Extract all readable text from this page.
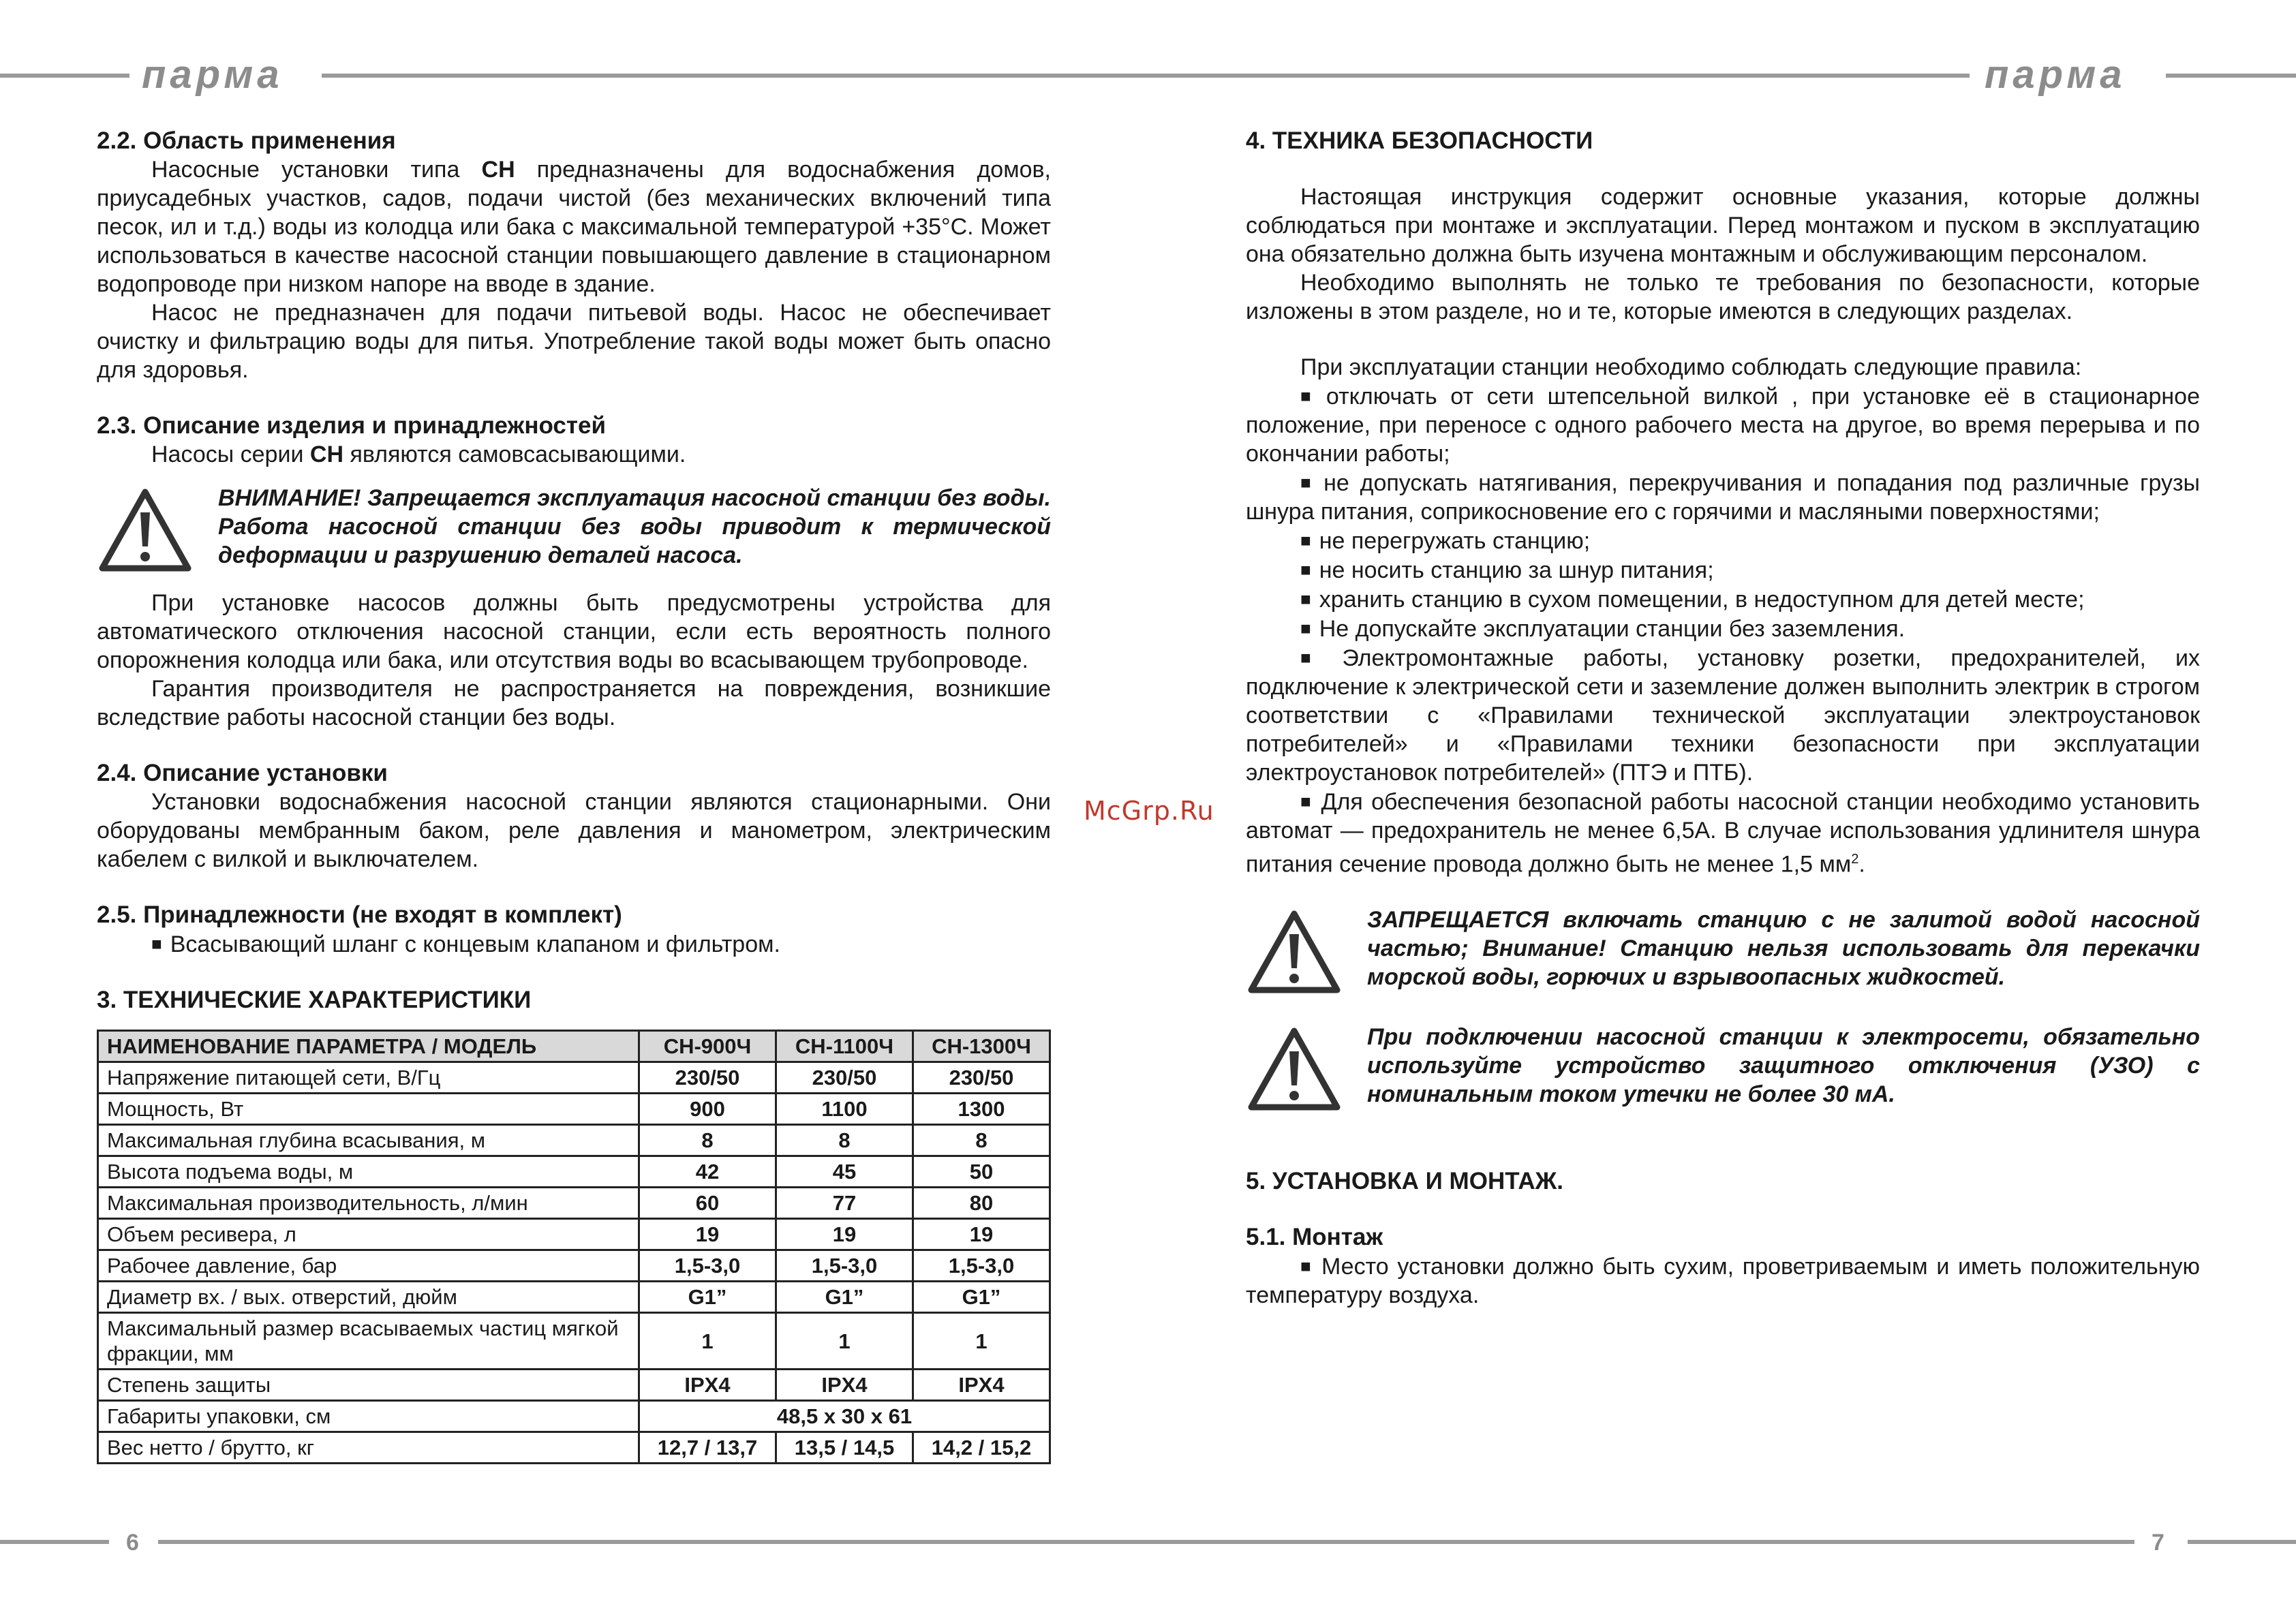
парма	парма
6	7
McGrp.Ru
2.2. Область применения

Насосные установки типа CH предназначены для водоснабжения домов, приусадебных участков, садов, подачи чистой (без механических включений типа песок, ил и т.д.) воды из колодца или бака с максимальной температурой +35°С. Может использоваться в качестве насосной станции повышающего давление в стационарном водопроводе при низком напоре на вводе в здание.

Насос не предназначен для подачи питьевой воды. Насос не обеспечивает очистку и фильтрацию воды для питья. Употребление такой воды может быть опасно для здоровья.

2.3. Описание изделия и принадлежностей

Насосы серии CH являются самовсасывающими.

ВНИМАНИЕ! Запрещается эксплуатация насосной станции без воды. Работа насосной станции без воды приводит к термической деформации и разрушению деталей насоса.

При установке насосов должны быть предусмотрены устройства для автоматического отключения насосной станции, если есть вероятность полного опорожнения колодца или бака, или отсутствия воды во всасывающем трубопроводе.

Гарантия производителя не распространяется на повреждения, возникшие вследствие работы насосной станции без воды.

2.4. Описание установки

Установки водоснабжения насосной станции являются стационарными. Они оборудованы мембранным баком, реле давления и манометром, электрическим кабелем с вилкой и выключателем.

2.5. Принадлежности (не входят в комплект)

■ Всасывающий шланг с концевым клапаном и фильтром.

3. ТЕХНИЧЕСКИЕ ХАРАКТЕРИСТИКИ
НАИМЕНОВАНИЕ ПАРАМЕТРА / МОДЕЛЬ	СН-900Ч	СН-1100Ч	СН-1300Ч
Напряжение питающей сети, В/Гц	230/50	230/50	230/50
Мощность, Вт	900	1100	1300
Максимальная глубина всасывания, м	8	8	8
Высота подъема воды, м	42	45	50
Максимальная производительность, л/мин	60	77	80
Объем ресивера, л	19	19	19
Рабочее давление, бар	1,5-3,0	1,5-3,0	1,5-3,0
Диаметр вх. / вых. отверстий, дюйм	G1”	G1”	G1”
Максимальный размер всасываемых частиц мягкой фракции, мм	1	1	1
Степень защиты	IPX4	IPX4	IPX4
Габариты упаковки, см	48,5 х 30 х 61		
Вес нетто / брутто, кг	12,7 / 13,7	13,5 / 14,5	14,2 / 15,2
4. ТЕХНИКА БЕЗОПАСНОСТИ

Настоящая инструкция содержит основные указания, которые должны соблюдаться при монтаже и эксплуатации. Перед монтажом и пуском в эксплуатацию она обязательно должна быть изучена монтажным и обслуживающим персоналом.

Необходимо выполнять не только те требования по безопасности, которые изложены в этом разделе, но и те, которые имеются в следующих разделах.

При эксплуатации станции необходимо соблюдать следующие правила:

■ отключать от сети штепсельной вилкой , при установке её в стационарное положение, при переносе с одного рабочего места на другое, во время перерыва и по окончании работы;

■ не допускать натягивания, перекручивания и попадания под различные грузы шнура питания, соприкосновение его с горячими и масляными поверхностями;

■ не перегружать станцию;

■ не носить станцию за шнур питания;

■ хранить станцию в сухом помещении, в недоступном для детей месте;

■ Не допускайте эксплуатации станции без заземления.

■ Электромонтажные работы, установку розетки, предохранителей, их подключение к электрической сети и заземление должен выполнить электрик в строгом соответствии с «Правилами технической эксплуатации электроустановок потребителей» и «Правилами техники безопасности при эксплуатации электроустановок потребителей» (ПТЭ и ПТБ).

■ Для обеспечения безопасной работы насосной станции необходимо установить автомат — предохранитель не менее 6,5А. В случае использования удлинителя шнура питания сечение провода должно быть не менее 1,5 $мм^2$.

ЗАПРЕЩАЕТСЯ включать станцию с не залитой водой насосной частью; Внимание! Станцию нельзя использовать для перекачки морской воды, горючих и взрывоопасных жидкостей.

При подключении насосной станции к электросети, обязательно используйте устройство защитного отключения (УЗО) с номинальным током утечки не более 30 мА.

5. УСТАНОВКА И МОНТАЖ.
5.1. Монтаж

■ Место установки должно быть сухим, проветриваемым и иметь положительную температуру воздуха.
